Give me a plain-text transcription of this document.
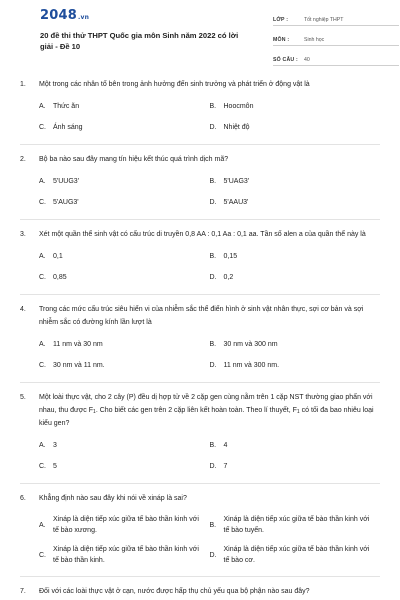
2048.vn
20 đề thi thử THPT Quốc gia môn Sinh năm 2022 có lời giải - Đề 10
LỚP :	Tốt nghiệp THPT
MÔN :	Sinh học
SỐ CÂU :	40
1.	Một trong các nhân tố bên trong ảnh hưởng đến sinh trưởng và phát triển ở động vật là
A.	Thức ăn	B.	Hoocmôn
C.	Ánh sáng	D.	Nhiệt độ
2.	Bộ ba nào sau đây mang tín hiệu kết thúc quá trình dịch mã?
A.	5'UUG3'	B.	5'UAG3'
C.	5'AUG3'	D.	5'AAU3'
3.	Xét một quần thể sinh vật có cấu trúc di truyền 0,8 AA : 0,1 Aa : 0,1 aa. Tần số alen a của quần thể này là
A.	0,1	B.	0,15
C.	0,85	D.	0,2
4.	Trong các mức cấu trúc siêu hiển vi của nhiễm sắc thể điển hình ở sinh vật nhân thực, sợi cơ bản và sợi nhiễm sắc có đường kính lần lượt là
A.	11 nm và 30 nm	B.	30 nm và 300 nm
C.	30 nm và 11 nm.	D.	11 nm và 300 nm.
5.	Một loài thực vật, cho 2 cây (P) đều dị hợp tử về 2 cặp gen cùng nằm trên 1 cặp NST thường giao phấn với nhau, thu được $F_1$. Cho biết các gen trên 2 cặp liên kết hoàn toàn. Theo lí thuyết, $F_1$ có tối đa bao nhiêu loại kiểu gen?
A.	3	B.	4
C.	5	D.	7
6.	Khẳng định nào sau đây khi nói về xináp là sai?
A.
Xináp là diện tiếp xúc giữa tế bào thần kinh với tế bào xương.
B.
Xináp là diện tiếp xúc giữa tế bào thần kinh với tế bào tuyến.
C.
Xináp là diện tiếp xúc giữa tế bào thần kinh với tế bào thần kinh.
D.
Xináp là diện tiếp xúc giữa tế bào thần kinh với tế bào cơ.
7.	Đối với các loài thực vật ở cạn, nước được hấp thụ chủ yếu qua bộ phận nào sau đây?
